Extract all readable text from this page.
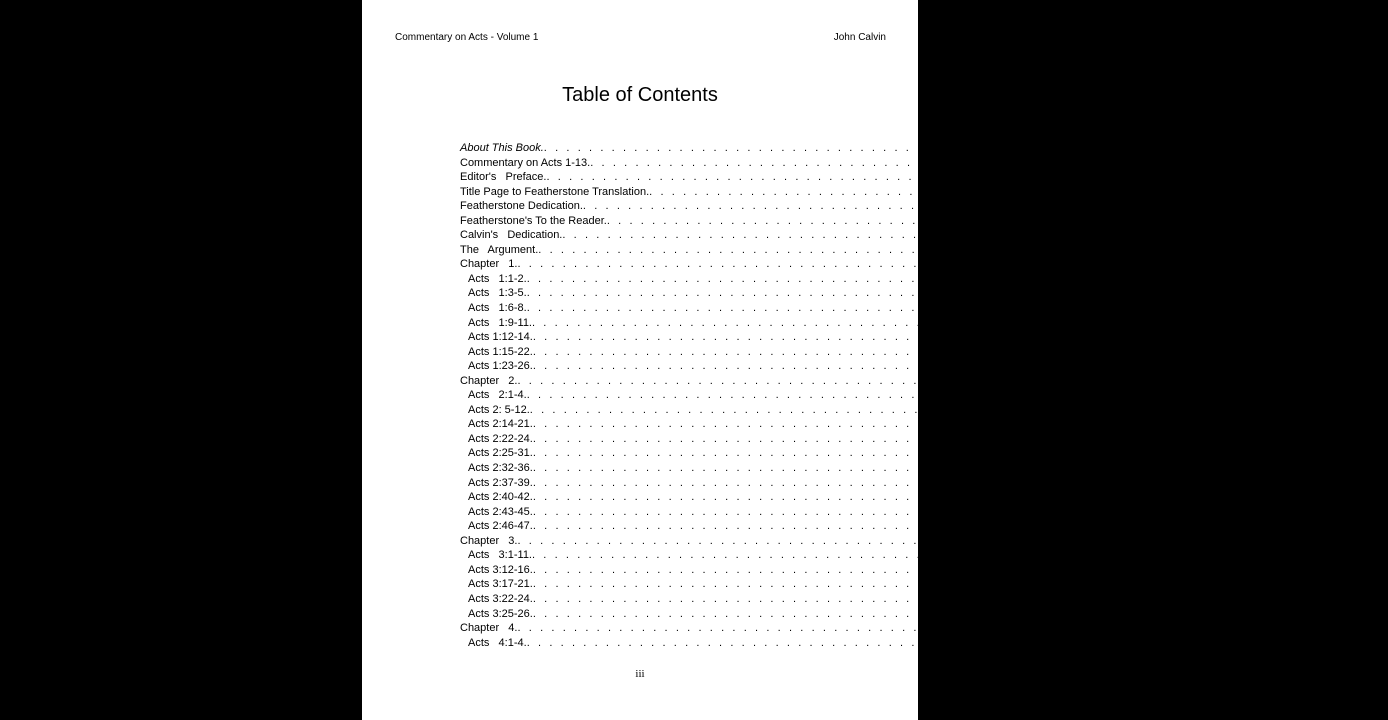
Commentary on Acts - Volume 1	John Calvin
Table of Contents
About This Book. . . . . . . . . . . . . . . . . . . . . . . . . . . . . . . . . . . . . . . . . . . . . . . . . . . . . . . . . . . . . . . . . p. ii
Commentary on Acts 1-13. . . . . . . . . . . . . . . . . . . . . . . . . . . . . . . . . . . . . . . . . . . . . . . . . . . . . . . . . . . . . . . . . p. 1
Editor's   Preface. . . . . . . . . . . . . . . . . . . . . . . . . . . . . . . . . . . . . . . . . . . . . . . . . . . . . . . . . . . . . . . . . p. 2
Title Page to Featherstone Translation. . . . . . . . . . . . . . . . . . . . . . . . . . . . . . . . . . . . . . . . . . . . . . . . . . . . . . . . . . . . . . . . . p. 3
Featherstone Dedication. . . . . . . . . . . . . . . . . . . . . . . . . . . . . . . . . . . . . . . . . . . . . . . . . . . . . . . . . . . . . . . . . p. 4
Featherstone's To the Reader. . . . . . . . . . . . . . . . . . . . . . . . . . . . . . . . . . . . . . . . . . . . . . . . . . . . . . . . . . . . . . . . . p. 6
Calvin's   Dedication. . . . . . . . . . . . . . . . . . . . . . . . . . . . . . . . . . . . . . . . . . . . . . . . . . . . . . . . . . . . . . . . . p. 7
The   Argument. . . . . . . . . . . . . . . . . . . . . . . . . . . . . . . . . . . . . . . . . . . . . . . . . . . . . . . . . . . . . . . . . p. 13
Chapter   1. . . . . . . . . . . . . . . . . . . . . . . . . . . . . . . . . . . . . . . . . . . . . . . . . . . . . . . . . . . . . . . . . p. 16
Acts   1:1-2. . . . . . . . . . . . . . . . . . . . . . . . . . . . . . . . . . . . . . . . . . . . . . . . . . . . . . . . . . . . . . . . . p. 16
Acts   1:3-5. . . . . . . . . . . . . . . . . . . . . . . . . . . . . . . . . . . . . . . . . . . . . . . . . . . . . . . . . . . . . . . . . p. 18
Acts   1:6-8. . . . . . . . . . . . . . . . . . . . . . . . . . . . . . . . . . . . . . . . . . . . . . . . . . . . . . . . . . . . . . . . . p. 22
Acts   1:9-11. . . . . . . . . . . . . . . . . . . . . . . . . . . . . . . . . . . . . . . . . . . . . . . . . . . . . . . . . . . . . . . . . p. 26
Acts 1:12-14. . . . . . . . . . . . . . . . . . . . . . . . . . . . . . . . . . . . . . . . . . . . . . . . . . . . . . . . . . . . . . . . . p. 28
Acts 1:15-22. . . . . . . . . . . . . . . . . . . . . . . . . . . . . . . . . . . . . . . . . . . . . . . . . . . . . . . . . . . . . . . . . p. 31
Acts 1:23-26. . . . . . . . . . . . . . . . . . . . . . . . . . . . . . . . . . . . . . . . . . . . . . . . . . . . . . . . . . . . . . . . . p. 36
Chapter   2. . . . . . . . . . . . . . . . . . . . . . . . . . . . . . . . . . . . . . . . . . . . . . . . . . . . . . . . . . . . . . . . . p. 39
Acts   2:1-4. . . . . . . . . . . . . . . . . . . . . . . . . . . . . . . . . . . . . . . . . . . . . . . . . . . . . . . . . . . . . . . . . p. 39
Acts 2: 5-12. . . . . . . . . . . . . . . . . . . . . . . . . . . . . . . . . . . . . . . . . . . . . . . . . . . . . . . . . . . . . . . . . p. 42
Acts 2:14-21. . . . . . . . . . . . . . . . . . . . . . . . . . . . . . . . . . . . . . . . . . . . . . . . . . . . . . . . . . . . . . . . . p. 44
Acts 2:22-24. . . . . . . . . . . . . . . . . . . . . . . . . . . . . . . . . . . . . . . . . . . . . . . . . . . . . . . . . . . . . . . . . p. 50
Acts 2:25-31. . . . . . . . . . . . . . . . . . . . . . . . . . . . . . . . . . . . . . . . . . . . . . . . . . . . . . . . . . . . . . . . . p. 54
Acts 2:32-36. . . . . . . . . . . . . . . . . . . . . . . . . . . . . . . . . . . . . . . . . . . . . . . . . . . . . . . . . . . . . . . . . p. 59
Acts 2:37-39. . . . . . . . . . . . . . . . . . . . . . . . . . . . . . . . . . . . . . . . . . . . . . . . . . . . . . . . . . . . . . . . . p. 62
Acts 2:40-42. . . . . . . . . . . . . . . . . . . . . . . . . . . . . . . . . . . . . . . . . . . . . . . . . . . . . . . . . . . . . . . . . p. 67
Acts 2:43-45. . . . . . . . . . . . . . . . . . . . . . . . . . . . . . . . . . . . . . . . . . . . . . . . . . . . . . . . . . . . . . . . . p. 69
Acts 2:46-47. . . . . . . . . . . . . . . . . . . . . . . . . . . . . . . . . . . . . . . . . . . . . . . . . . . . . . . . . . . . . . . . . p. 71
Chapter   3. . . . . . . . . . . . . . . . . . . . . . . . . . . . . . . . . . . . . . . . . . . . . . . . . . . . . . . . . . . . . . . . . p. 74
Acts   3:1-11. . . . . . . . . . . . . . . . . . . . . . . . . . . . . . . . . . . . . . . . . . . . . . . . . . . . . . . . . . . . . . . . . p. 74
Acts 3:12-16. . . . . . . . . . . . . . . . . . . . . . . . . . . . . . . . . . . . . . . . . . . . . . . . . . . . . . . . . . . . . . . . . p. 78
Acts 3:17-21. . . . . . . . . . . . . . . . . . . . . . . . . . . . . . . . . . . . . . . . . . . . . . . . . . . . . . . . . . . . . . . . . p. 81
Acts 3:22-24. . . . . . . . . . . . . . . . . . . . . . . . . . . . . . . . . . . . . . . . . . . . . . . . . . . . . . . . . . . . . . . . . p. 84
Acts 3:25-26. . . . . . . . . . . . . . . . . . . . . . . . . . . . . . . . . . . . . . . . . . . . . . . . . . . . . . . . . . . . . . . . . p. 87
Chapter   4. . . . . . . . . . . . . . . . . . . . . . . . . . . . . . . . . . . . . . . . . . . . . . . . . . . . . . . . . . . . . . . . . p. 91
Acts   4:1-4. . . . . . . . . . . . . . . . . . . . . . . . . . . . . . . . . . . . . . . . . . . . . . . . . . . . . . . . . . . . . . . . . p. 91
iii
